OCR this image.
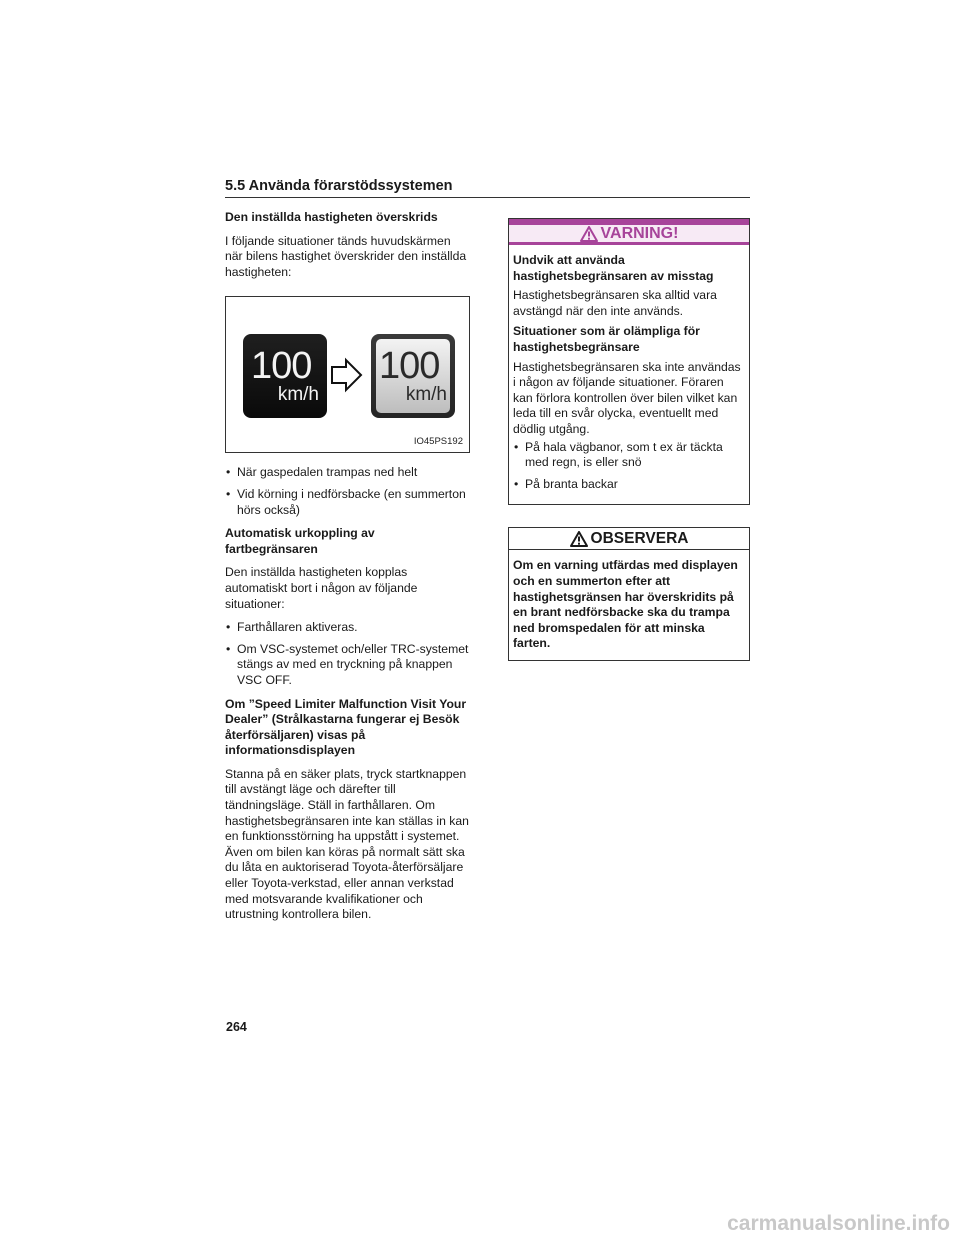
5.5 Använda förarstödssystemen
Den inställda hastigheten överskrids

I följande situationer tänds huvudskärmen när bilens hastighet överskrider den inställda hastigheten:

100
km/h
100
km/h
IO45PS192
• När gaspedalen trampas ned helt
• Vid körning i nedförsbacke (en summerton hörs också)
Automatisk urkoppling av fartbegränsaren

Den inställda hastigheten kopplas automatiskt bort i någon av följande situationer:

• Farthållaren aktiveras.
• Om VSC-systemet och/eller TRC-systemet stängs av med en tryckning på knappen VSC OFF.
Om ”Speed Limiter Malfunction Visit Your Dealer” (Strålkastarna fungerar ej Besök återförsäljaren) visas på informationsdisplayen

Stanna på en säker plats, tryck startknappen till avstängt läge och därefter till tändningsläge. Ställ in farthållaren. Om hastighetsbegränsaren inte kan ställas in kan en funktionsstörning ha uppstått i systemet. Även om bilen kan köras på normalt sätt ska du låta en auktoriserad Toyota-återförsäljare eller Toyota-verkstad, eller annan verkstad med motsvarande kvalifikationer och utrustning kontrollera bilen.

VARNING!
Undvik att använda hastighetsbegränsaren av misstag

Hastighetsbegränsaren ska alltid vara avstängd när den inte används.

Situationer som är olämpliga för hastighetsbegränsare

Hastighetsbegränsaren ska inte användas i någon av följande situationer. Föraren kan förlora kontrollen över bilen vilket kan leda till en svår olycka, eventuellt med dödlig utgång.

• På hala vägbanor, som t ex är täckta med regn, is eller snö
• På branta backar
OBSERVERA

Om en varning utfärdas med displayen och en summerton efter att hastighetsgränsen har överskridits på en brant nedförsbacke ska du trampa ned bromspedalen för att minska farten.

264
carmanualsonline.info
